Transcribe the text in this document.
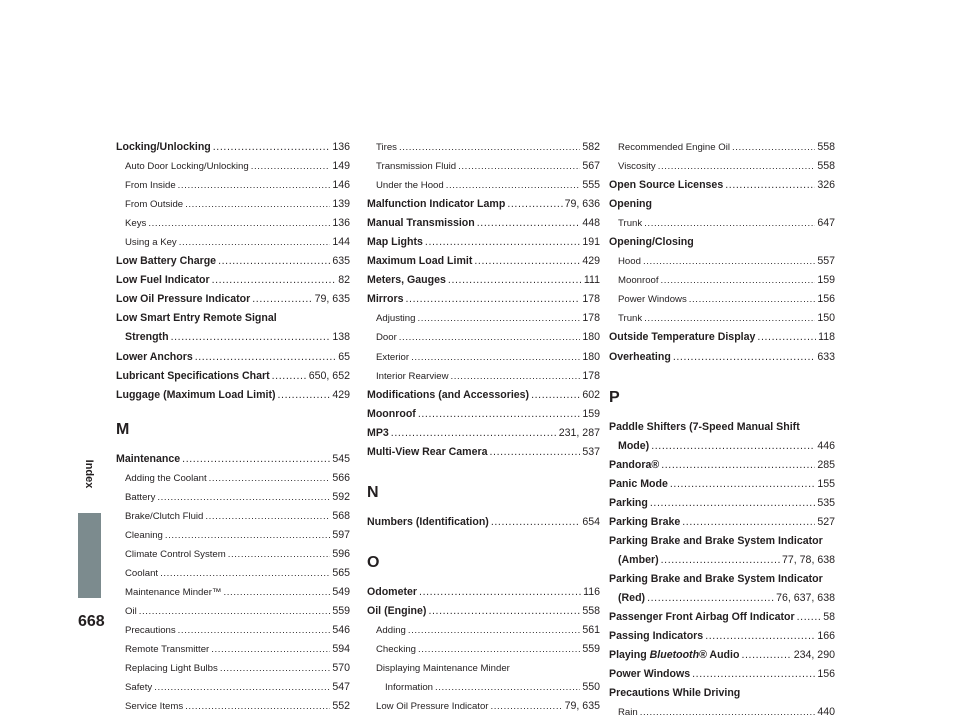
Index
668
Locking/Unlocking .....	136
Auto Door Locking/Unlocking .....	149
From Inside .....	146
From Outside .....	139
Keys .....	136
Using a Key .....	144
Low Battery Charge .....	635
Low Fuel Indicator .....	82
Low Oil Pressure Indicator .....	79, 635
Low Smart Entry Remote Signal
Strength .....	138
Lower Anchors .....	65
Lubricant Specifications Chart .....	650, 652
Luggage (Maximum Load Limit) .....	429
M
Maintenance .....	545
Adding the Coolant .....	566
Battery .....	592
Brake/Clutch Fluid .....	568
Cleaning .....	597
Climate Control System .....	596
Coolant .....	565
Maintenance Minder™ .....	549
Oil .....	559
Precautions .....	546
Remote Transmitter .....	594
Replacing Light Bulbs .....	570
Safety .....	547
Service Items .....	552
Tires .....	582
Transmission Fluid .....	567
Under the Hood .....	555
Malfunction Indicator Lamp .....	79, 636
Manual Transmission .....	448
Map Lights .....	191
Maximum Load Limit .....	429
Meters, Gauges .....	111
Mirrors .....	178
Adjusting .....	178
Door .....	180
Exterior .....	180
Interior Rearview .....	178
Modifications (and Accessories) .....	602
Moonroof .....	159
MP3 .....	231, 287
Multi-View Rear Camera .....	537
N
Numbers (Identification) .....	654
O
Odometer .....	116
Oil (Engine) .....	558
Adding .....	561
Checking .....	559
Displaying Maintenance Minder
Information .....	550
Low Oil Pressure Indicator .....	79, 635
Recommended Engine Oil .....	558
Viscosity .....	558
Open Source Licenses .....	326
Opening
Trunk .....	647
Opening/Closing
Hood .....	557
Moonroof .....	159
Power Windows .....	156
Trunk .....	150
Outside Temperature Display .....	118
Overheating .....	633
P
Paddle Shifters (7-Speed Manual Shift
Mode) .....	446
Pandora® .....	285
Panic Mode .....	155
Parking .....	535
Parking Brake .....	527
Parking Brake and Brake System Indicator
(Amber) .....	77, 78, 638
Parking Brake and Brake System Indicator
(Red) .....	76, 637, 638
Passenger Front Airbag Off Indicator .....	58
Passing Indicators .....	166
Playing Bluetooth® Audio .....	234, 290
Power Windows .....	156
Precautions While Driving
Rain .....	440
